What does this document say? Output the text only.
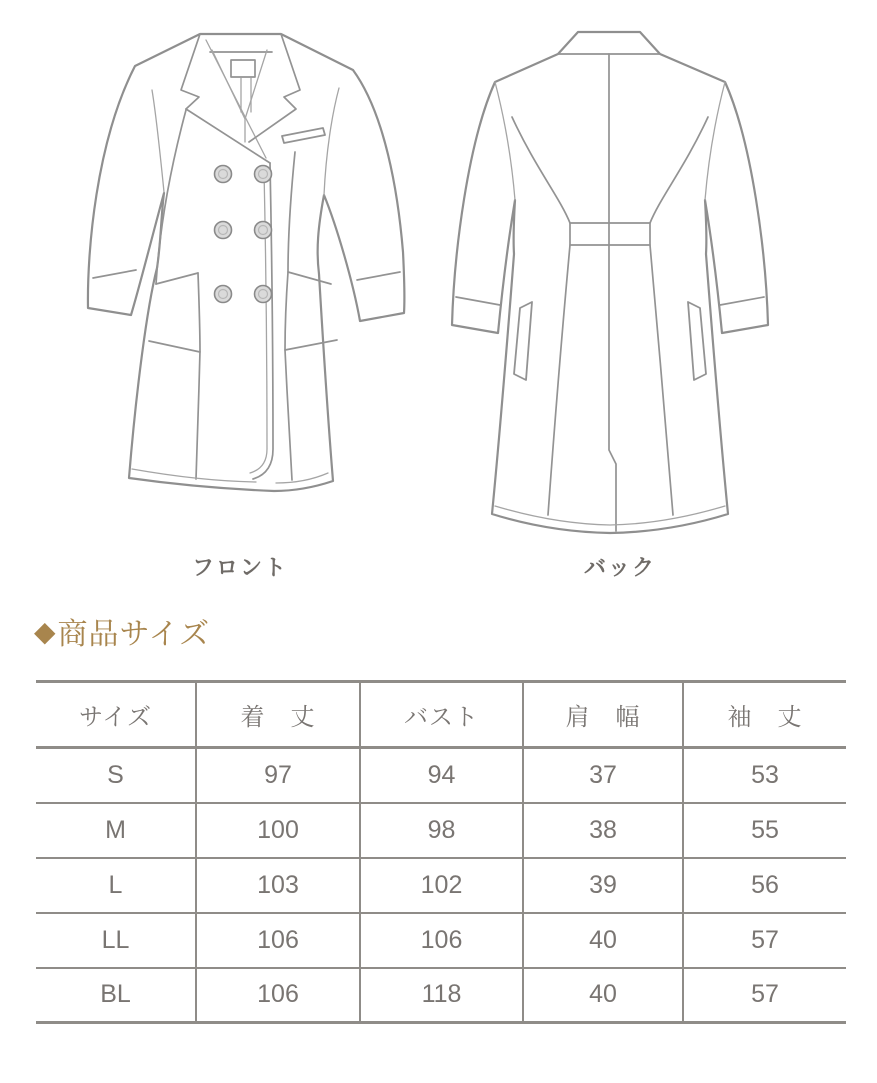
フロント	バック
◆ 商品サイズ
サイズ	着　丈	バスト	肩　幅	袖　丈
S	97	94	37	53
M	100	98	38	55
L	103	102	39	56
LL	106	106	40	57
BL	106	118	40	57
